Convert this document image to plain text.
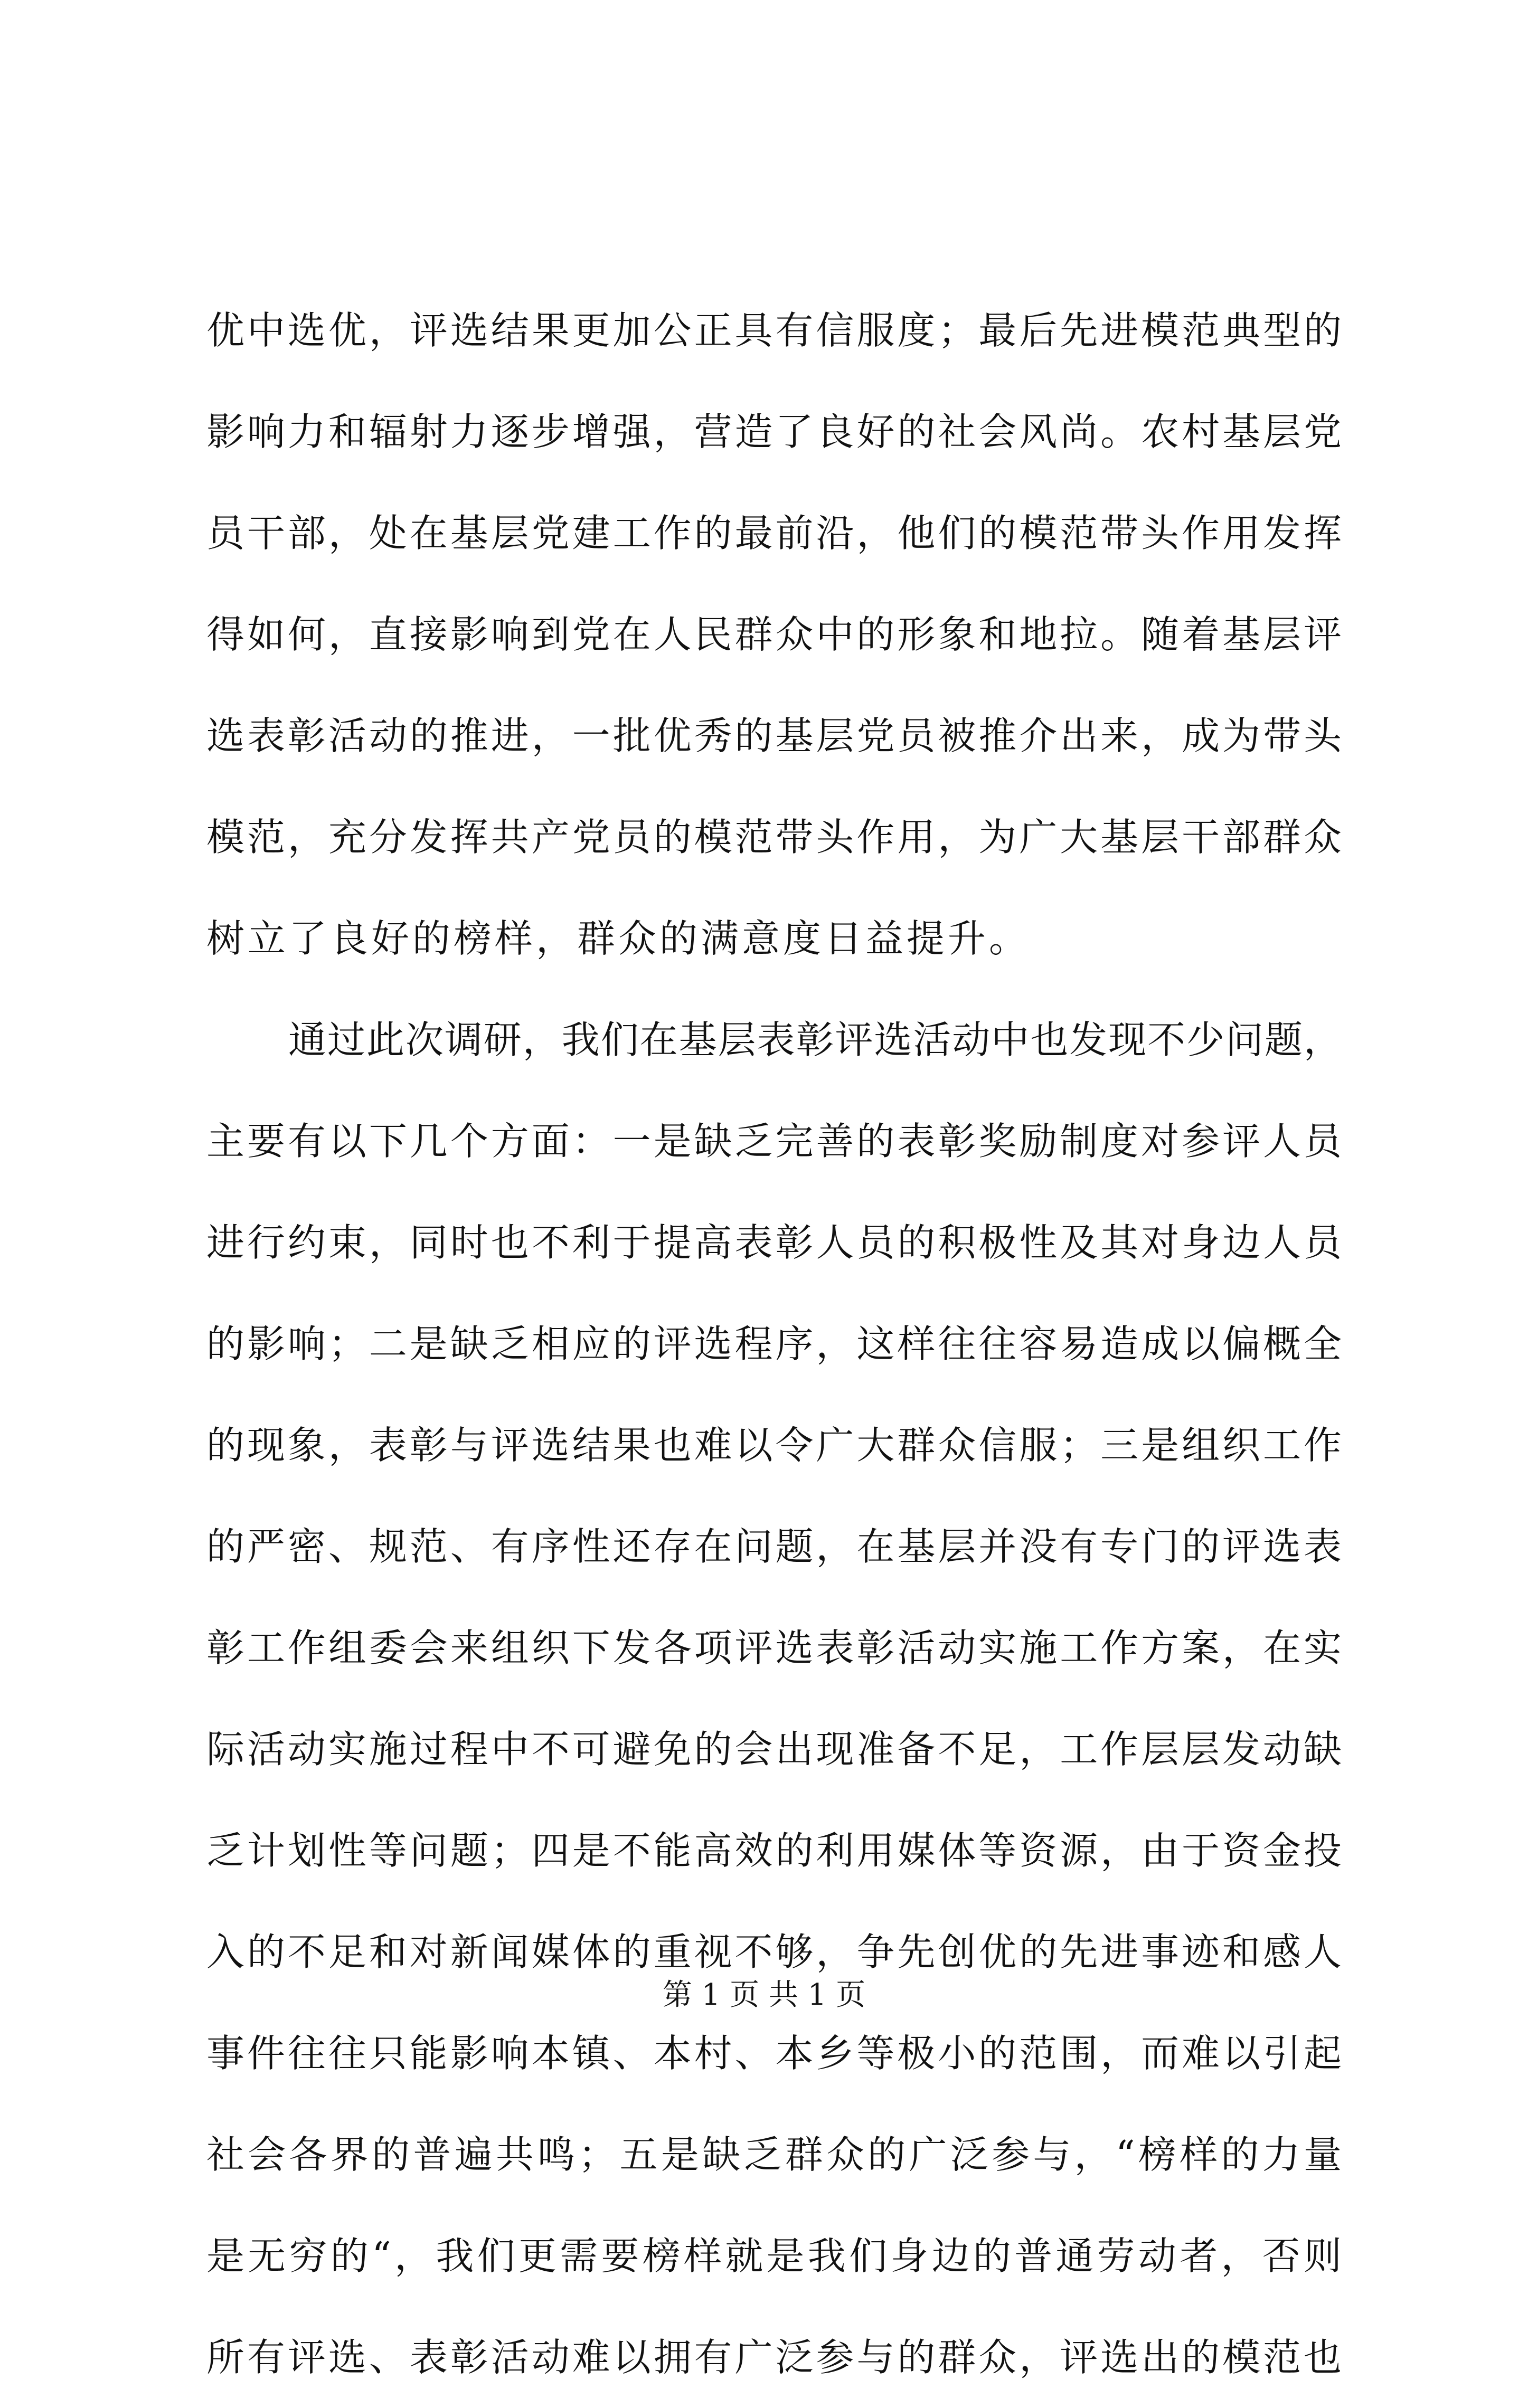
优中选优，评选结果更加公正具有信服度；最后先进模范典型的
影响力和辐射力逐步增强，营造了良好的社会风尚。农村基层党
员干部，处在基层党建工作的最前沿，他们的模范带头作用发挥
得如何，直接影响到党在人民群众中的形象和地拉。随着基层评
选表彰活动的推进，一批优秀的基层党员被推介出来，成为带头
模范，充分发挥共产党员的模范带头作用，为广大基层干部群众
树立了良好的榜样，群众的满意度日益提升。
通过此次调研，我们在基层表彰评选活动中也发现不少问题，
主要有以下几个方面：一是缺乏完善的表彰奖励制度对参评人员
进行约束，同时也不利于提高表彰人员的积极性及其对身边人员
的影响；二是缺乏相应的评选程序，这样往往容易造成以偏概全
的现象，表彰与评选结果也难以令广大群众信服；三是组织工作
的严密、规范、有序性还存在问题，在基层并没有专门的评选表
彰工作组委会来组织下发各项评选表彰活动实施工作方案，在实
际活动实施过程中不可避免的会出现准备不足，工作层层发动缺
乏计划性等问题；四是不能高效的利用媒体等资源，由于资金投
入的不足和对新闻媒体的重视不够，争先创优的先进事迹和感人
事件往往只能影响本镇、本村、本乡等极小的范围，而难以引起
社会各界的普遍共鸣；五是缺乏群众的广泛参与，“榜样的力量
是无穷的“，我们更需要榜样就是我们身边的普通劳动者，否则
所有评选、表彰活动难以拥有广泛参与的群众，评选出的模范也
第 1 页 共 1 页
